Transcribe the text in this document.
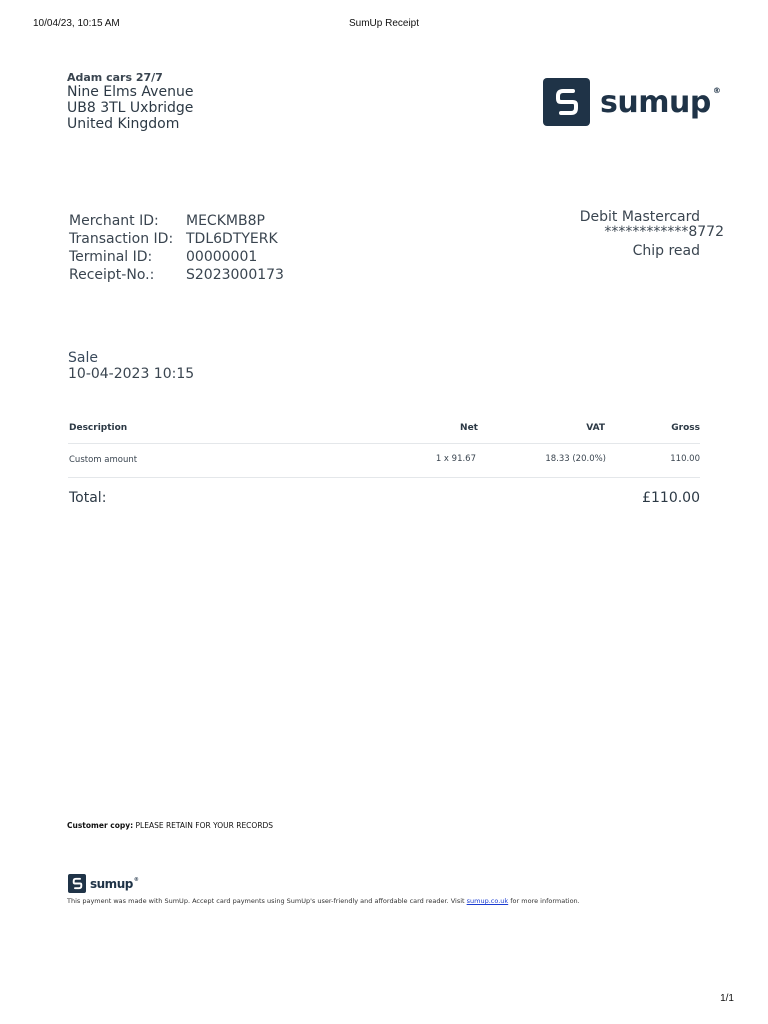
10/04/23, 10:15 AM	SumUp Receipt
Adam cars 27/7
Nine Elms Avenue
UB8 3TL Uxbridge
United Kingdom
sumup ®
Merchant ID:	MECKMB8P
Transaction ID: TDL6DTYERK
Terminal ID:	00000001
Receipt-No.:	S2023000173
Debit Mastercard
************8772
Chip read
Sale
10-04-2023 10:15
Description	Net	VAT	Gross
Custom amount	1 x 91.67	18.33 (20.0%)	110.00
Total:	£110.00
Customer copy: PLEASE RETAIN FOR YOUR RECORDS
sumup ®
This payment was made with SumUp. Accept card payments using SumUp's user-friendly and affordable card reader. Visit sumup.co.uk for more information.
1/1
